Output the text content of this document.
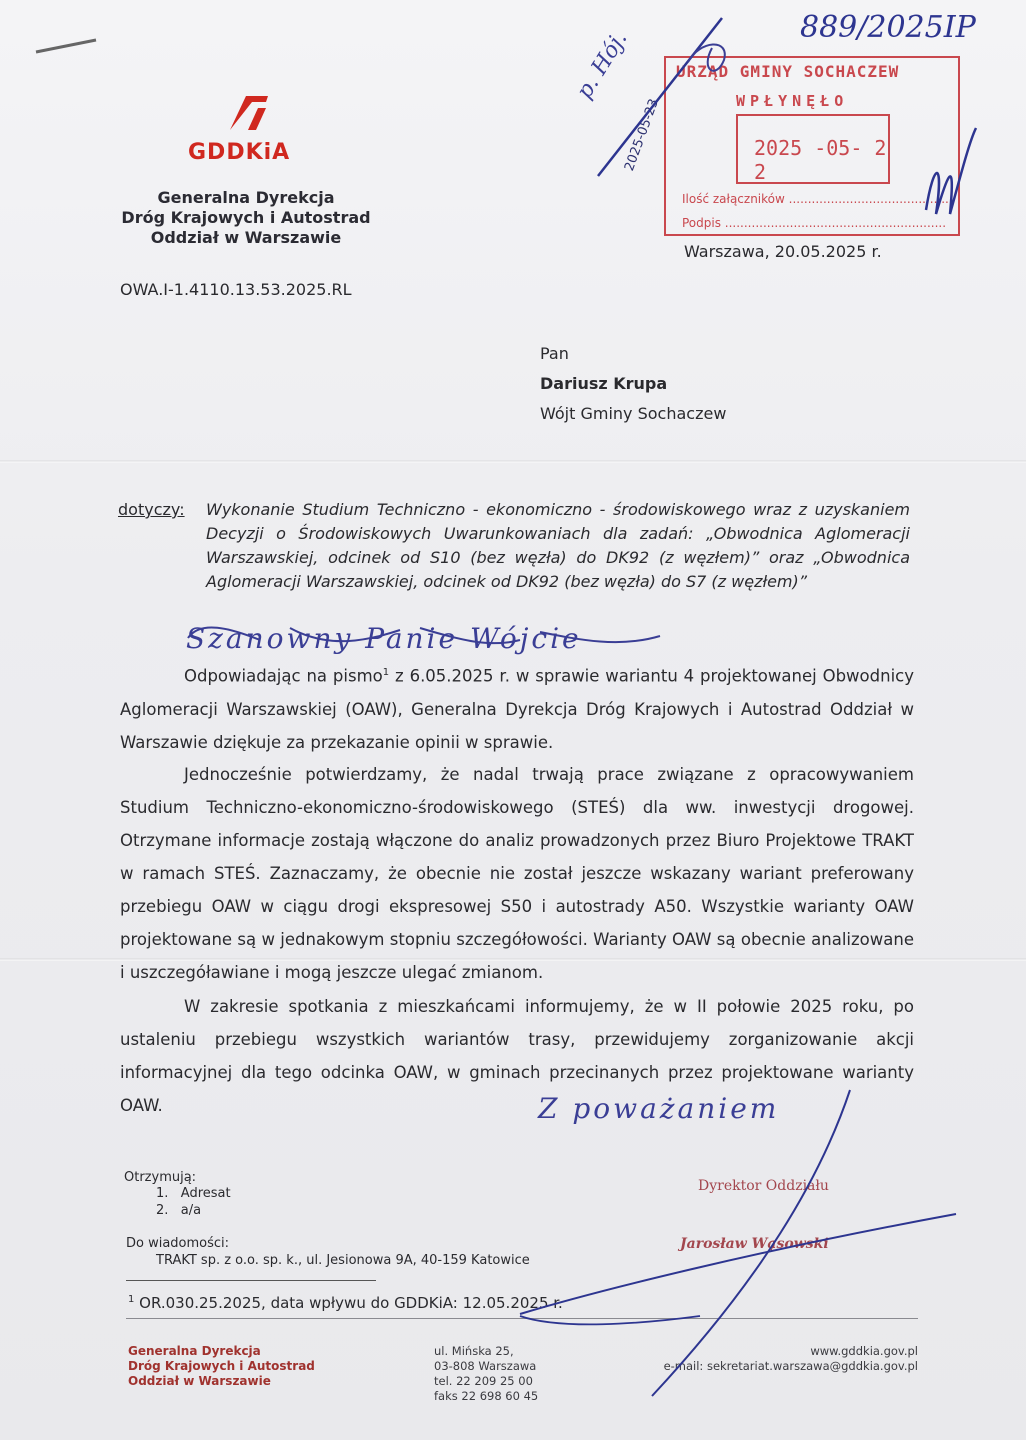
GDDKiA
Generalna Dyrekcja
Dróg Krajowych i Autostrad
Oddział w Warszawie
OWA.I-1.4110.13.53.2025.RL
889/2025IP
p. Hój.
2025-05-23
URZĄD GMINY SOCHACZEW
WPŁYNĘŁO
2025 -05- 2 2
Ilość załączników ..........................................
Podpis ..........................................................
Warszawa, 20.05.2025 r.
Pan
Dariusz Krupa
Wójt Gminy Sochaczew
dotyczy: Wykonanie Studium Techniczno - ekonomiczno - środowiskowego wraz z uzyskaniem Decyzji o Środowiskowych Uwarunkowaniach dla zadań: „Obwodnica Aglomeracji Warszawskiej, odcinek od S10 (bez węzła) do DK92 (z węzłem)” oraz „Obwodnica Aglomeracji Warszawskiej, odcinek od DK92 (bez węzła) do S7 (z węzłem)”
Szanowny Panie Wójcie
Odpowiadając na pismo$^1$ z 6.05.2025 r. w sprawie wariantu 4 projektowanej Obwodnicy Aglomeracji Warszawskiej (OAW), Generalna Dyrekcja Dróg Krajowych i Autostrad Oddział w Warszawie dziękuje za przekazanie opinii w sprawie.
Jednocześnie potwierdzamy, że nadal trwają prace związane z opracowywaniem Studium Techniczno-ekonomiczno-środowiskowego (STEŚ) dla ww. inwestycji drogowej. Otrzymane informacje zostają włączone do analiz prowadzonych przez Biuro Projektowe TRAKT w ramach STEŚ. Zaznaczamy, że obecnie nie został jeszcze wskazany wariant preferowany przebiegu OAW w ciągu drogi ekspresowej S50 i autostrady A50. Wszystkie warianty OAW projektowane są w jednakowym stopniu szczegółowości. Warianty OAW są obecnie analizowane i uszczegóławiane i mogą jeszcze ulegać zmianom.
W zakresie spotkania z mieszkańcami informujemy, że w II połowie 2025 roku, po ustaleniu przebiegu wszystkich wariantów trasy, przewidujemy zorganizowanie akcji informacyjnej dla tego odcinka OAW, w gminach przecinanych przez projektowane warianty OAW.	Z poważaniem
Dyrektor Oddziału
Jarosław Wąsowski
Otrzymują:
1.   Adresat
2.   a/a
Do wiadomości:
TRAKT sp. z o.o. sp. k., ul. Jesionowa 9A, 40-159 Katowice
$^1$ OR.030.25.2025, data wpływu do GDDKiA: 12.05.2025 r.
Generalna Dyrekcja
Dróg Krajowych i Autostrad
Oddział w Warszawie
ul. Mińska 25,
03-808 Warszawa
tel. 22 209 25 00
faks 22 698 60 45
www.gddkia.gov.pl
e-mail: sekretariat.warszawa@gddkia.gov.pl
